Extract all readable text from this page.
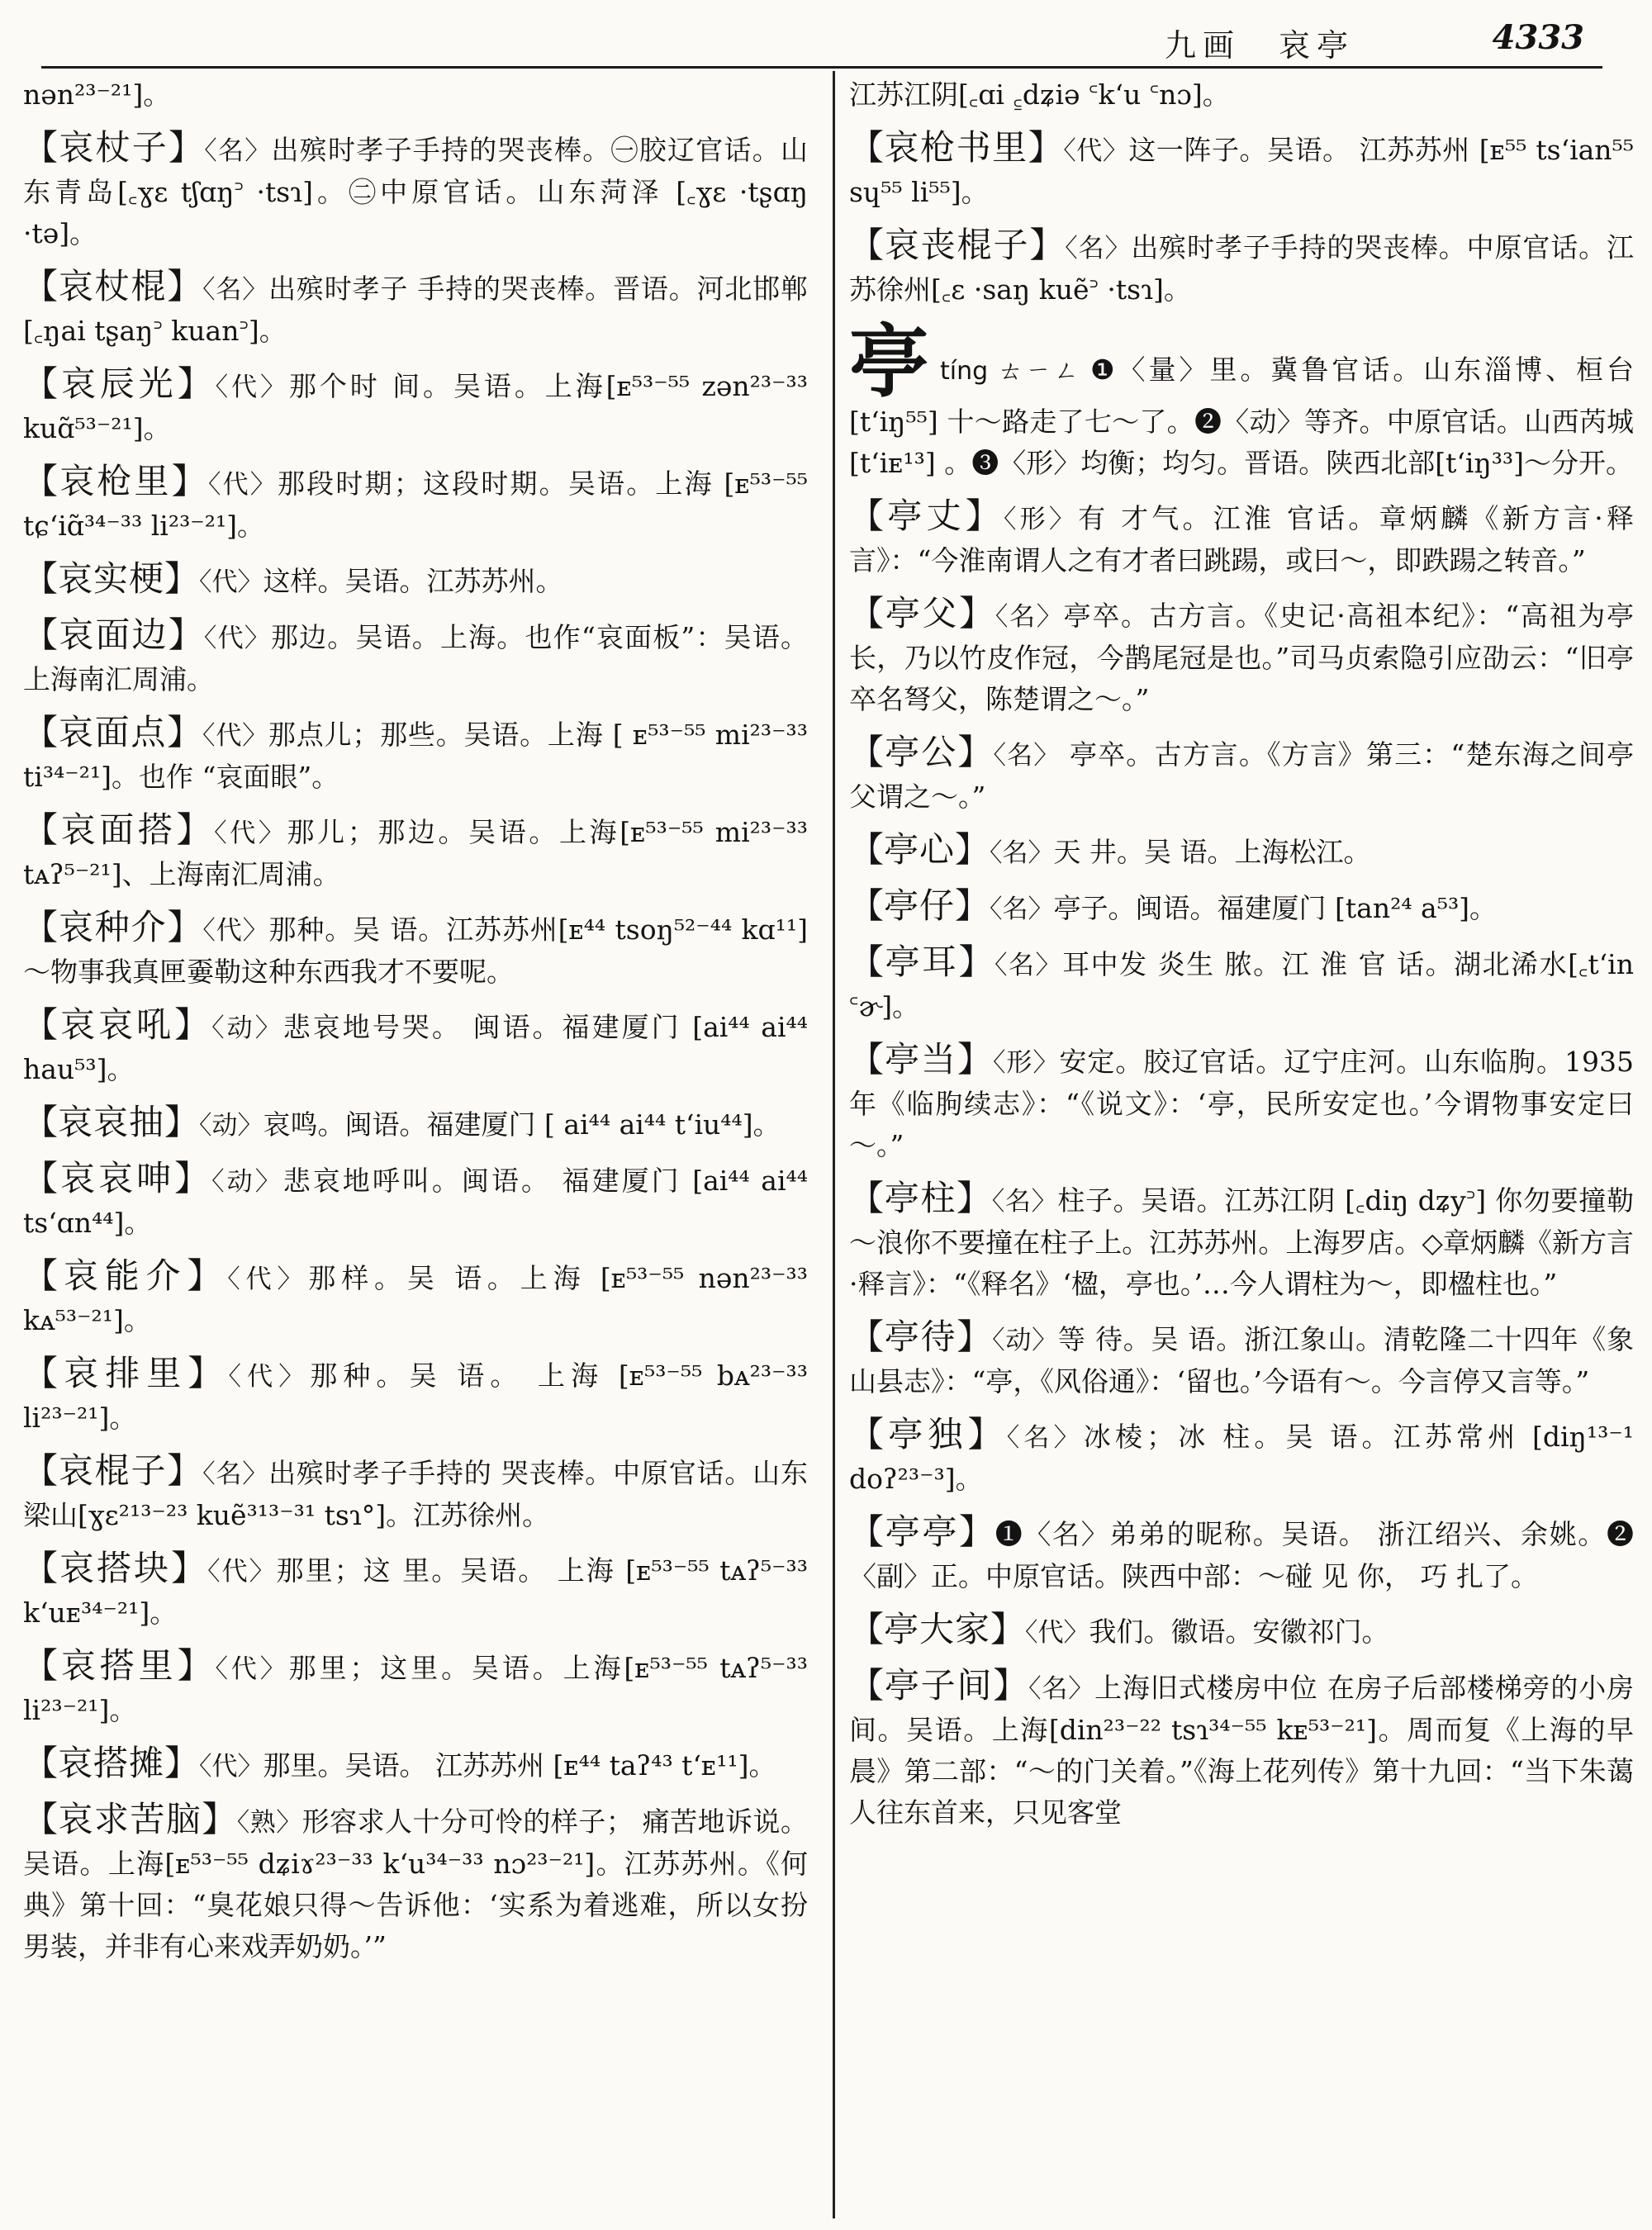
九画　哀亭	4333
nən²³⁻²¹]。
【哀杖子】〈名〉出殡时孝子手持的哭丧棒。㊀胶辽官话。山东青岛[꜀ɣɛ tʃɑŋ꜄ ·tsɿ]。㊁中原官话。山东菏泽 [꜀ɣɛ ·tʂɑŋ ·tə]。
【哀杖棍】〈名〉出殡时孝子 手持的哭丧棒。晋语。河北邯郸[꜀ŋai tʂaŋ꜄ kuan꜄]。
【哀辰光】〈代〉那个时 间。吴语。上海[ᴇ⁵³⁻⁵⁵ zən²³⁻³³ kuɑ̃⁵³⁻²¹]。
【哀枪里】〈代〉那段时期；这段时期。吴语。上海 [ᴇ⁵³⁻⁵⁵ tɕʻiɑ̃³⁴⁻³³ li²³⁻²¹]。
【哀实梗】〈代〉这样。吴语。江苏苏州。
【哀面边】〈代〉那边。吴语。上海。也作“哀面板”：吴语。上海南汇周浦。
【哀面点】〈代〉那点儿；那些。吴语。上海 [ ᴇ⁵³⁻⁵⁵ mi²³⁻³³ ti³⁴⁻²¹]。也作 “哀面眼”。
【哀面搭】〈代〉那儿；那边。吴语。上海[ᴇ⁵³⁻⁵⁵ mi²³⁻³³ tᴀʔ⁵⁻²¹]、上海南汇周浦。
【哀种介】〈代〉那种。吴 语。江苏苏州[ᴇ⁴⁴ tsoŋ⁵²⁻⁴⁴ kɑ¹¹]～物事我真匣嫑勒这种东西我才不要呢。
【哀哀吼】〈动〉悲哀地号哭。 闽语。福建厦门 [ai⁴⁴ ai⁴⁴ hau⁵³]。
【哀哀抽】〈动〉哀鸣。闽语。福建厦门 [ ai⁴⁴ ai⁴⁴ tʻiu⁴⁴]。
【哀哀呻】〈动〉悲哀地呼叫。闽语。 福建厦门 [ai⁴⁴ ai⁴⁴ tsʻɑn⁴⁴]。
【哀能介】〈代〉那样。吴 语。上海 [ᴇ⁵³⁻⁵⁵ nən²³⁻³³ kᴀ⁵³⁻²¹]。
【哀排里】〈代〉那种。吴 语。 上海 [ᴇ⁵³⁻⁵⁵ bᴀ²³⁻³³ li²³⁻²¹]。
【哀棍子】〈名〉出殡时孝子手持的 哭丧棒。中原官话。山东梁山[ɣɛ²¹³⁻²³ kuẽ³¹³⁻³¹ tsɿ°]。江苏徐州。
【哀搭块】〈代〉那里；这 里。吴语。 上海 [ᴇ⁵³⁻⁵⁵ tᴀʔ⁵⁻³³ kʻuᴇ³⁴⁻²¹]。
【哀搭里】〈代〉那里；这里。吴语。上海[ᴇ⁵³⁻⁵⁵ tᴀʔ⁵⁻³³ li²³⁻²¹]。
【哀搭摊】〈代〉那里。吴语。 江苏苏州 [ᴇ⁴⁴ taʔ⁴³ tʻᴇ¹¹]。
【哀求苦脑】〈熟〉形容求人十分可怜的样子； 痛苦地诉说。吴语。上海[ᴇ⁵³⁻⁵⁵ dʑiɤ²³⁻³³ kʻu³⁴⁻³³ nɔ²³⁻²¹]。江苏苏州。《何典》第十回：“臭花娘只得～告诉他：‘实系为着逃难，所以女扮男装，并非有心来戏弄奶奶。’”
江苏江阴[꜀ɑi ꜁dʑiə ꜂kʻu ꜂nɔ]。
【哀枪书里】〈代〉这一阵子。吴语。 江苏苏州 [ᴇ⁵⁵ tsʻian⁵⁵ sɥ⁵⁵ li⁵⁵]。
【哀丧棍子】〈名〉出殡时孝子手持的哭丧棒。中原官话。江苏徐州[꜀ɛ ·saŋ kuẽ꜄ ·tsɿ]。
亭tíng ㄊㄧㄥ ❶〈量〉里。冀鲁官话。山东淄博、桓台[tʻiŋ⁵⁵] 十～路走了七～了。❷〈动〉等齐。中原官话。山西芮城 [tʻiᴇ¹³] 。❸〈形〉均衡；均匀。晋语。陕西北部[tʻiŋ³³]～分开。
【亭丈】〈形〉有 才气。江淮 官话。章炳麟《新方言·释言》：“今淮南谓人之有才者曰跳踼，或曰～，即跌踼之转音。”
【亭父】〈名〉亭卒。古方言。《史记·高祖本纪》：“高祖为亭长，乃以竹皮作冠，今鹊尾冠是也。”司马贞索隐引应劭云：“旧亭卒名弩父，陈楚谓之～。”
【亭公】〈名〉 亭卒。古方言。《方言》第三：“楚东海之间亭父谓之～。”
【亭心】〈名〉天 井。吴 语。上海松江。
【亭仔】〈名〉亭子。闽语。福建厦门 [tan²⁴ a⁵³]。
【亭耳】〈名〉耳中发 炎生 脓。江 淮 官 话。湖北浠水[꜀tʻin ꜂ɚ]。
【亭当】〈形〉安定。胶辽官话。辽宁庄河。山东临朐。1935年《临朐续志》：“《说文》：‘亭，民所安定也。’今谓物事安定曰～。”
【亭柱】〈名〉柱子。吴语。江苏江阴 [꜀diŋ dʑy꜄] 你勿要撞勒～浪你不要撞在柱子上。江苏苏州。上海罗店。◇章炳麟《新方言·释言》：“《释名》‘楹，亭也。’…今人谓柱为～，即楹柱也。”
【亭待】〈动〉等 待。吴 语。浙江象山。清乾隆二十四年《象山县志》：“亭，《风俗通》：‘留也。’今语有～。今言停又言等。”
【亭独】〈名〉冰棱；冰 柱。吴 语。江苏常州 [diŋ¹³⁻¹ doʔ²³⁻³]。
【亭亭】❶〈名〉弟弟的昵称。吴语。 浙江绍兴、余姚。❷〈副〉正。中原官话。陕西中部：～碰 见 你， 巧 扎了。
【亭大家】〈代〉我们。徽语。安徽祁门。
【亭子间】〈名〉上海旧式楼房中位 在房子后部楼梯旁的小房间。吴语。上海[din²³⁻²² tsɿ³⁴⁻⁵⁵ kᴇ⁵³⁻²¹]。周而复《上海的早晨》第二部：“～的门关着。”《海上花列传》第十九回：“当下朱蔼人往东首来，只见客堂
